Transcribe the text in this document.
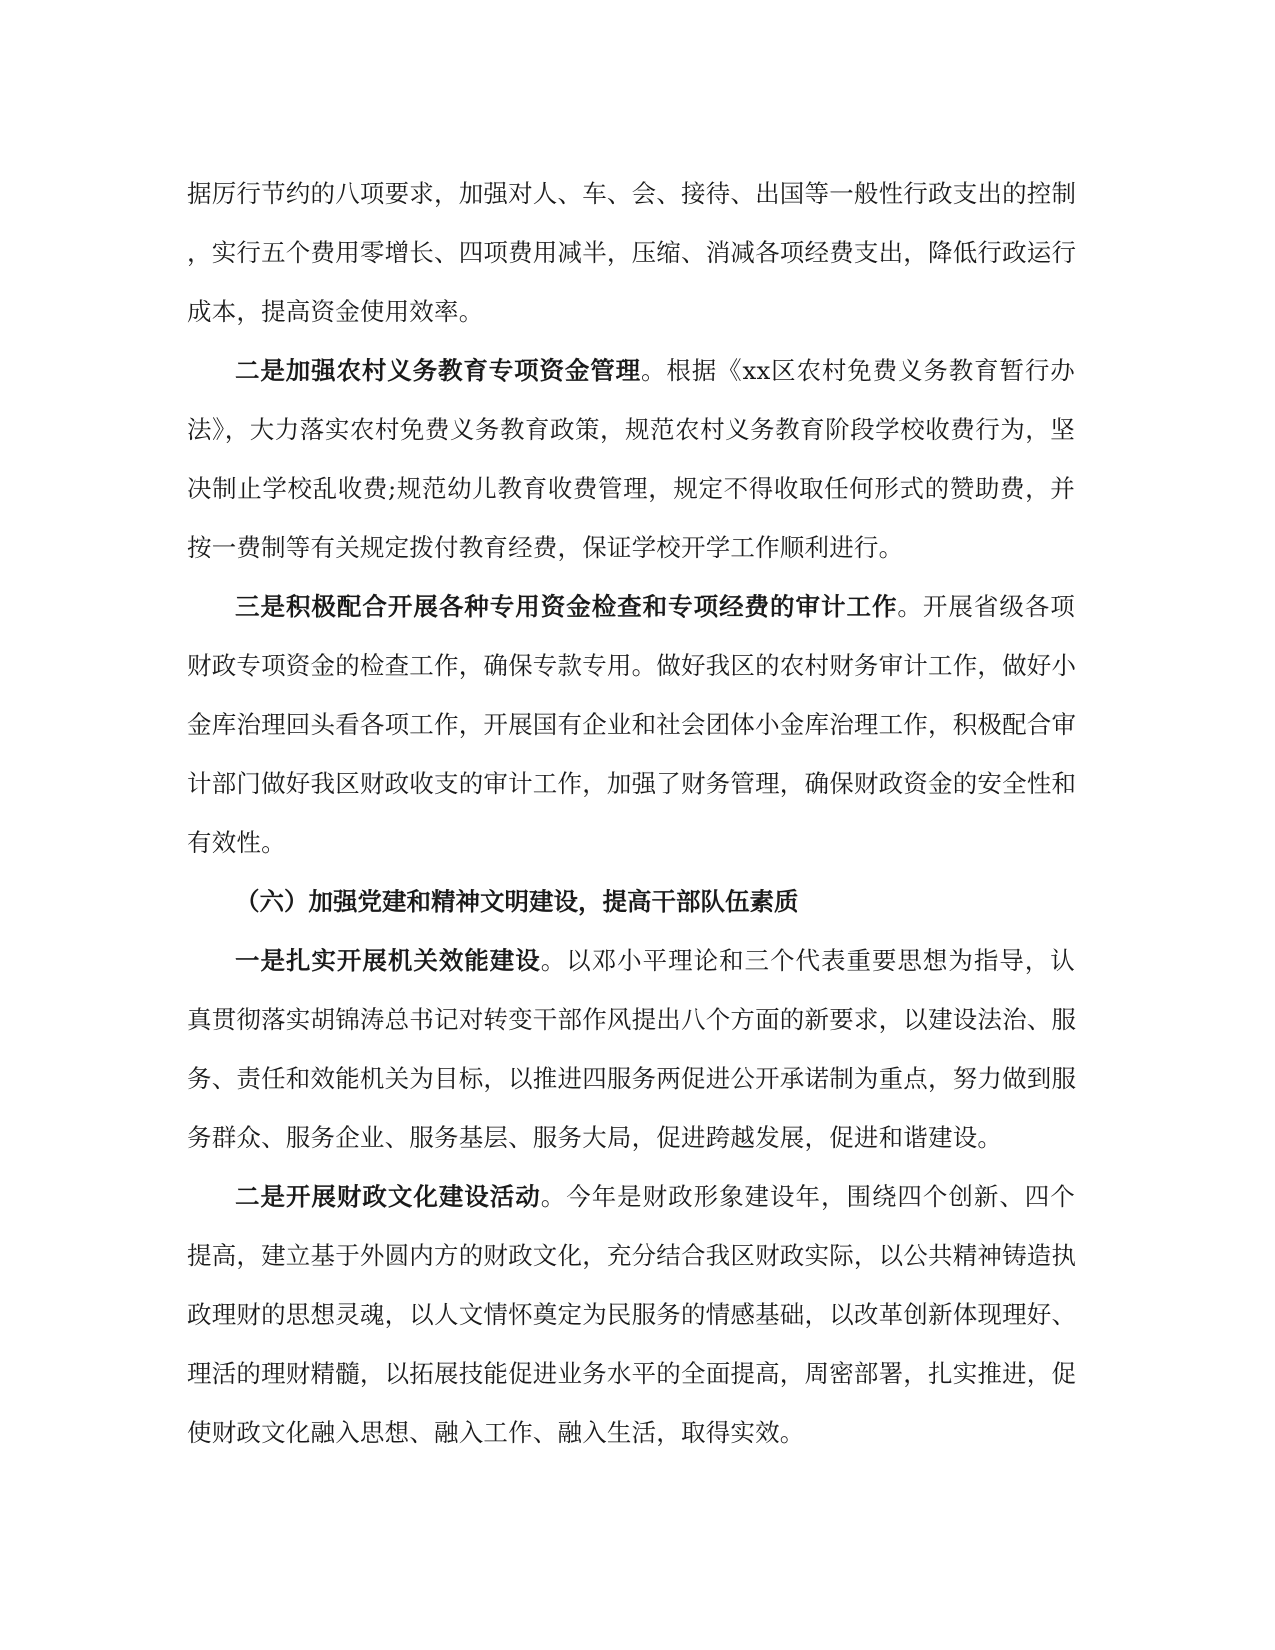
据厉行节约的八项要求，加强对人、车、会、接待、出国等一般性行政支出的控制
，实行五个费用零增长、四项费用减半，压缩、消减各项经费支出，降低行政运行
成本，提高资金使用效率。

二是加强农村义务教育专项资金管理。根据《xx区农村免费义务教育暂行办
法》，大力落实农村免费义务教育政策，规范农村义务教育阶段学校收费行为，坚
决制止学校乱收费;规范幼儿教育收费管理，规定不得收取任何形式的赞助费，并
按一费制等有关规定拨付教育经费，保证学校开学工作顺利进行。

三是积极配合开展各种专用资金检查和专项经费的审计工作。开展省级各项
财政专项资金的检查工作，确保专款专用。做好我区的农村财务审计工作，做好小
金库治理回头看各项工作，开展国有企业和社会团体小金库治理工作，积极配合审
计部门做好我区财政收支的审计工作，加强了财务管理，确保财政资金的安全性和
有效性。

（六）加强党建和精神文明建设，提高干部队伍素质

一是扎实开展机关效能建设。以邓小平理论和三个代表重要思想为指导，认
真贯彻落实胡锦涛总书记对转变干部作风提出八个方面的新要求，以建设法治、服
务、责任和效能机关为目标，以推进四服务两促进公开承诺制为重点，努力做到服
务群众、服务企业、服务基层、服务大局，促进跨越发展，促进和谐建设。

二是开展财政文化建设活动。今年是财政形象建设年，围绕四个创新、四个
提高，建立基于外圆内方的财政文化，充分结合我区财政实际，以公共精神铸造执
政理财的思想灵魂，以人文情怀奠定为民服务的情感基础，以改革创新体现理好、
理活的理财精髓，以拓展技能促进业务水平的全面提高，周密部署，扎实推进，促
使财政文化融入思想、融入工作、融入生活，取得实效。
